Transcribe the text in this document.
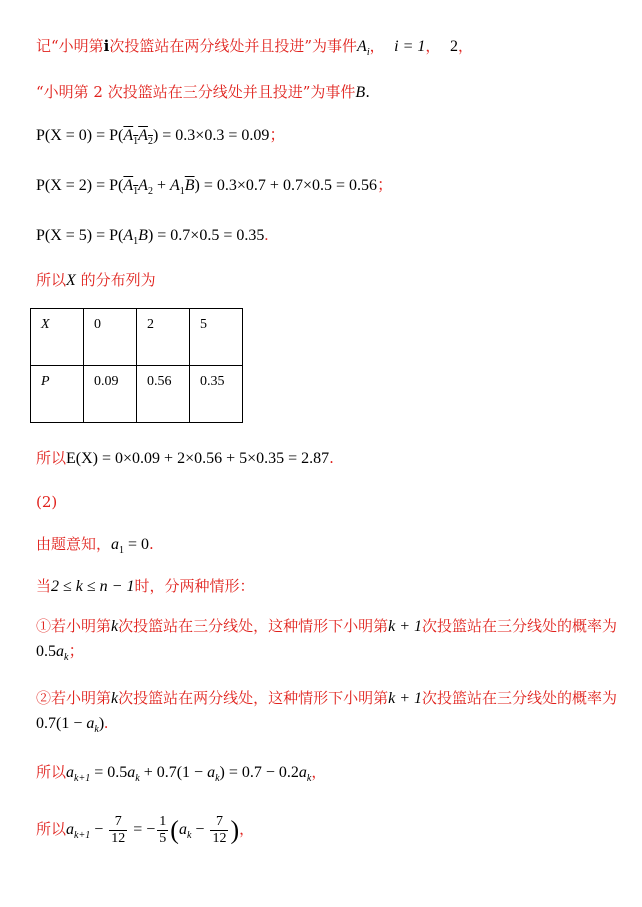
记“小明第i次投篮站在两分线处并且投进”为事件$A_i$， i = 1， 2，
“小明第 2 次投篮站在三分线处并且投进”为事件B.
$P(X = 0) = P(A_1A_2) = 0.3\times 0.3 = 0.09$；
$P(X = 2) = P(A_1A_2 + A_1\overline{B}) = 0.3\times 0.7 + 0.7\times 0.5 = 0.56$；
$P(X = 5) = P(A_1B) = 0.7\times 0.5 = 0.35$.
所以X 的分布列为
X	0	2	5
P	0.09	0.56	0.35
所以E(X) = 0×0.09 + 2×0.56 + 5×0.35 = 2.87.
(2)
由题意知，$a_1 = 0$.
当2 ≤ k ≤ n − 1时，分两种情形：
①若小明第k次投篮站在三分线处，这种情形下小明第k + 1次投篮站在三分线处的概率为
$0.5a_k$；
②若小明第k次投篮站在两分线处，这种情形下小明第k + 1次投篮站在三分线处的概率为
$0.7(1 - a_k)$.
所以$a_{k+1} = 0.5a_k + 0.7(1 - a_k) = 0.7 - 0.2a_k$，
所以$a_{k+1} - \frac{7}{12}$ = − $\frac{1}{5} (a_k - \frac{7}{12}$ )，
